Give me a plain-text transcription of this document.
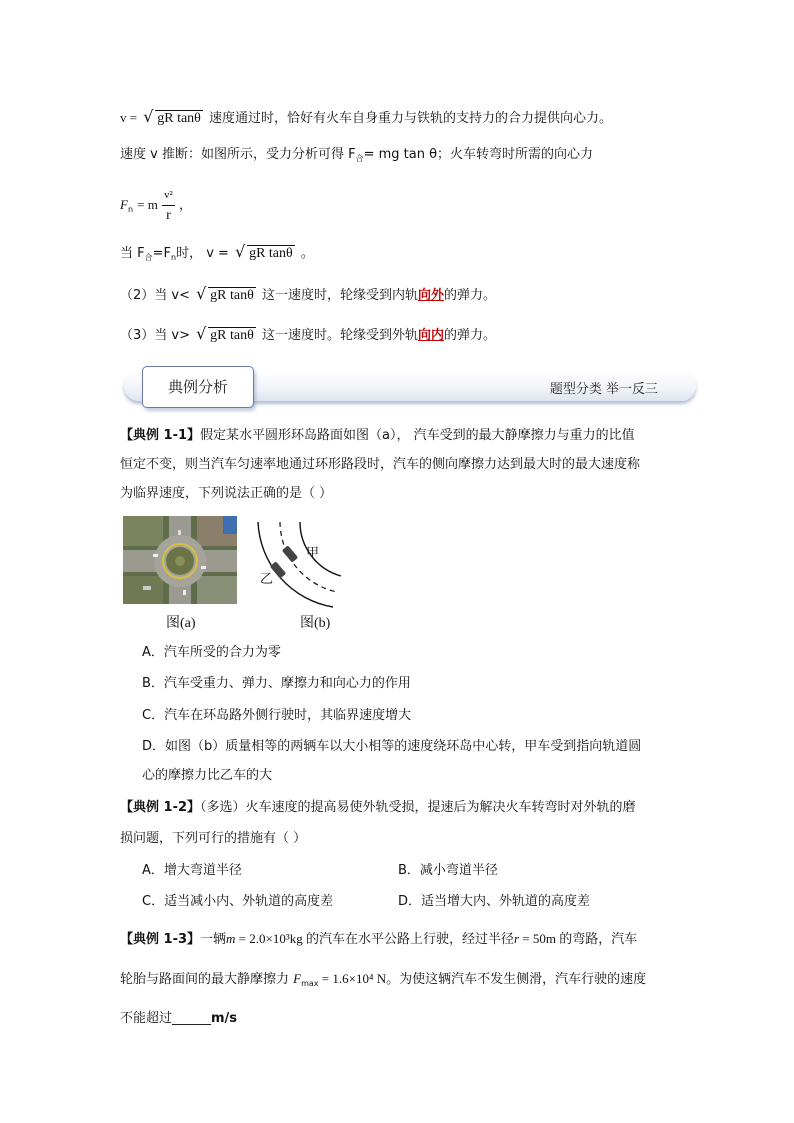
v = √ gR tanθ 速度通过时，恰好有火车自身重力与铁轨的支持力的合力提供向心力。
速度 v 推断：如图所示，受力分析可得 $F_合=$ mg tan θ；火车转弯时所需的向心力
$F_n = m \frac{\text{v²}}{r}$ ，
当 $F_合=F_n$时， v = √ gR tanθ 。
（2）当 v< √ gR tanθ 这一速度时，轮缘受到内轨向外的弹力。
（3）当 v> √ gR tanθ 这一速度时。轮缘受到外轨向内的弹力。
典例分析	题型分类 举一反三
【典例 1-1】假定某水平圆形环岛路面如图（a）， 汽车受到的最大静摩擦力与重力的比值
恒定不变，则当汽车匀速率地通过环形路段时，汽车的侧向摩擦力达到最大时的最大速度称
为临界速度，下列说法正确的是（ ）
甲
乙
图(a)	图(b)
A．汽车所受的合力为零
B．汽车受重力、弹力、摩擦力和向心力的作用
C．汽车在环岛路外侧行驶时，其临界速度增大
D．如图（b）质量相等的两辆车以大小相等的速度绕环岛中心转，甲车受到指向轨道圆
心的摩擦力比乙车的大
【典例 1-2】（多选）火车速度的提高易使外轨受损，提速后为解决火车转弯时对外轨的磨
损问题，下列可行的措施有（ ）
A．增大弯道半径	B．减小弯道半径
C．适当减小内、外轨道的高度差	D．适当增大内、外轨道的高度差
【典例 1-3】一辆m = 2.0×10³kg 的汽车在水平公路上行驶，经过半径r = 50m 的弯路，汽车
轮胎与路面间的最大静摩擦力 $F_{max} = 1.6\times 10^4$ N。为使这辆汽车不发生侧滑，汽车行驶的速度
不能超过______m/s
